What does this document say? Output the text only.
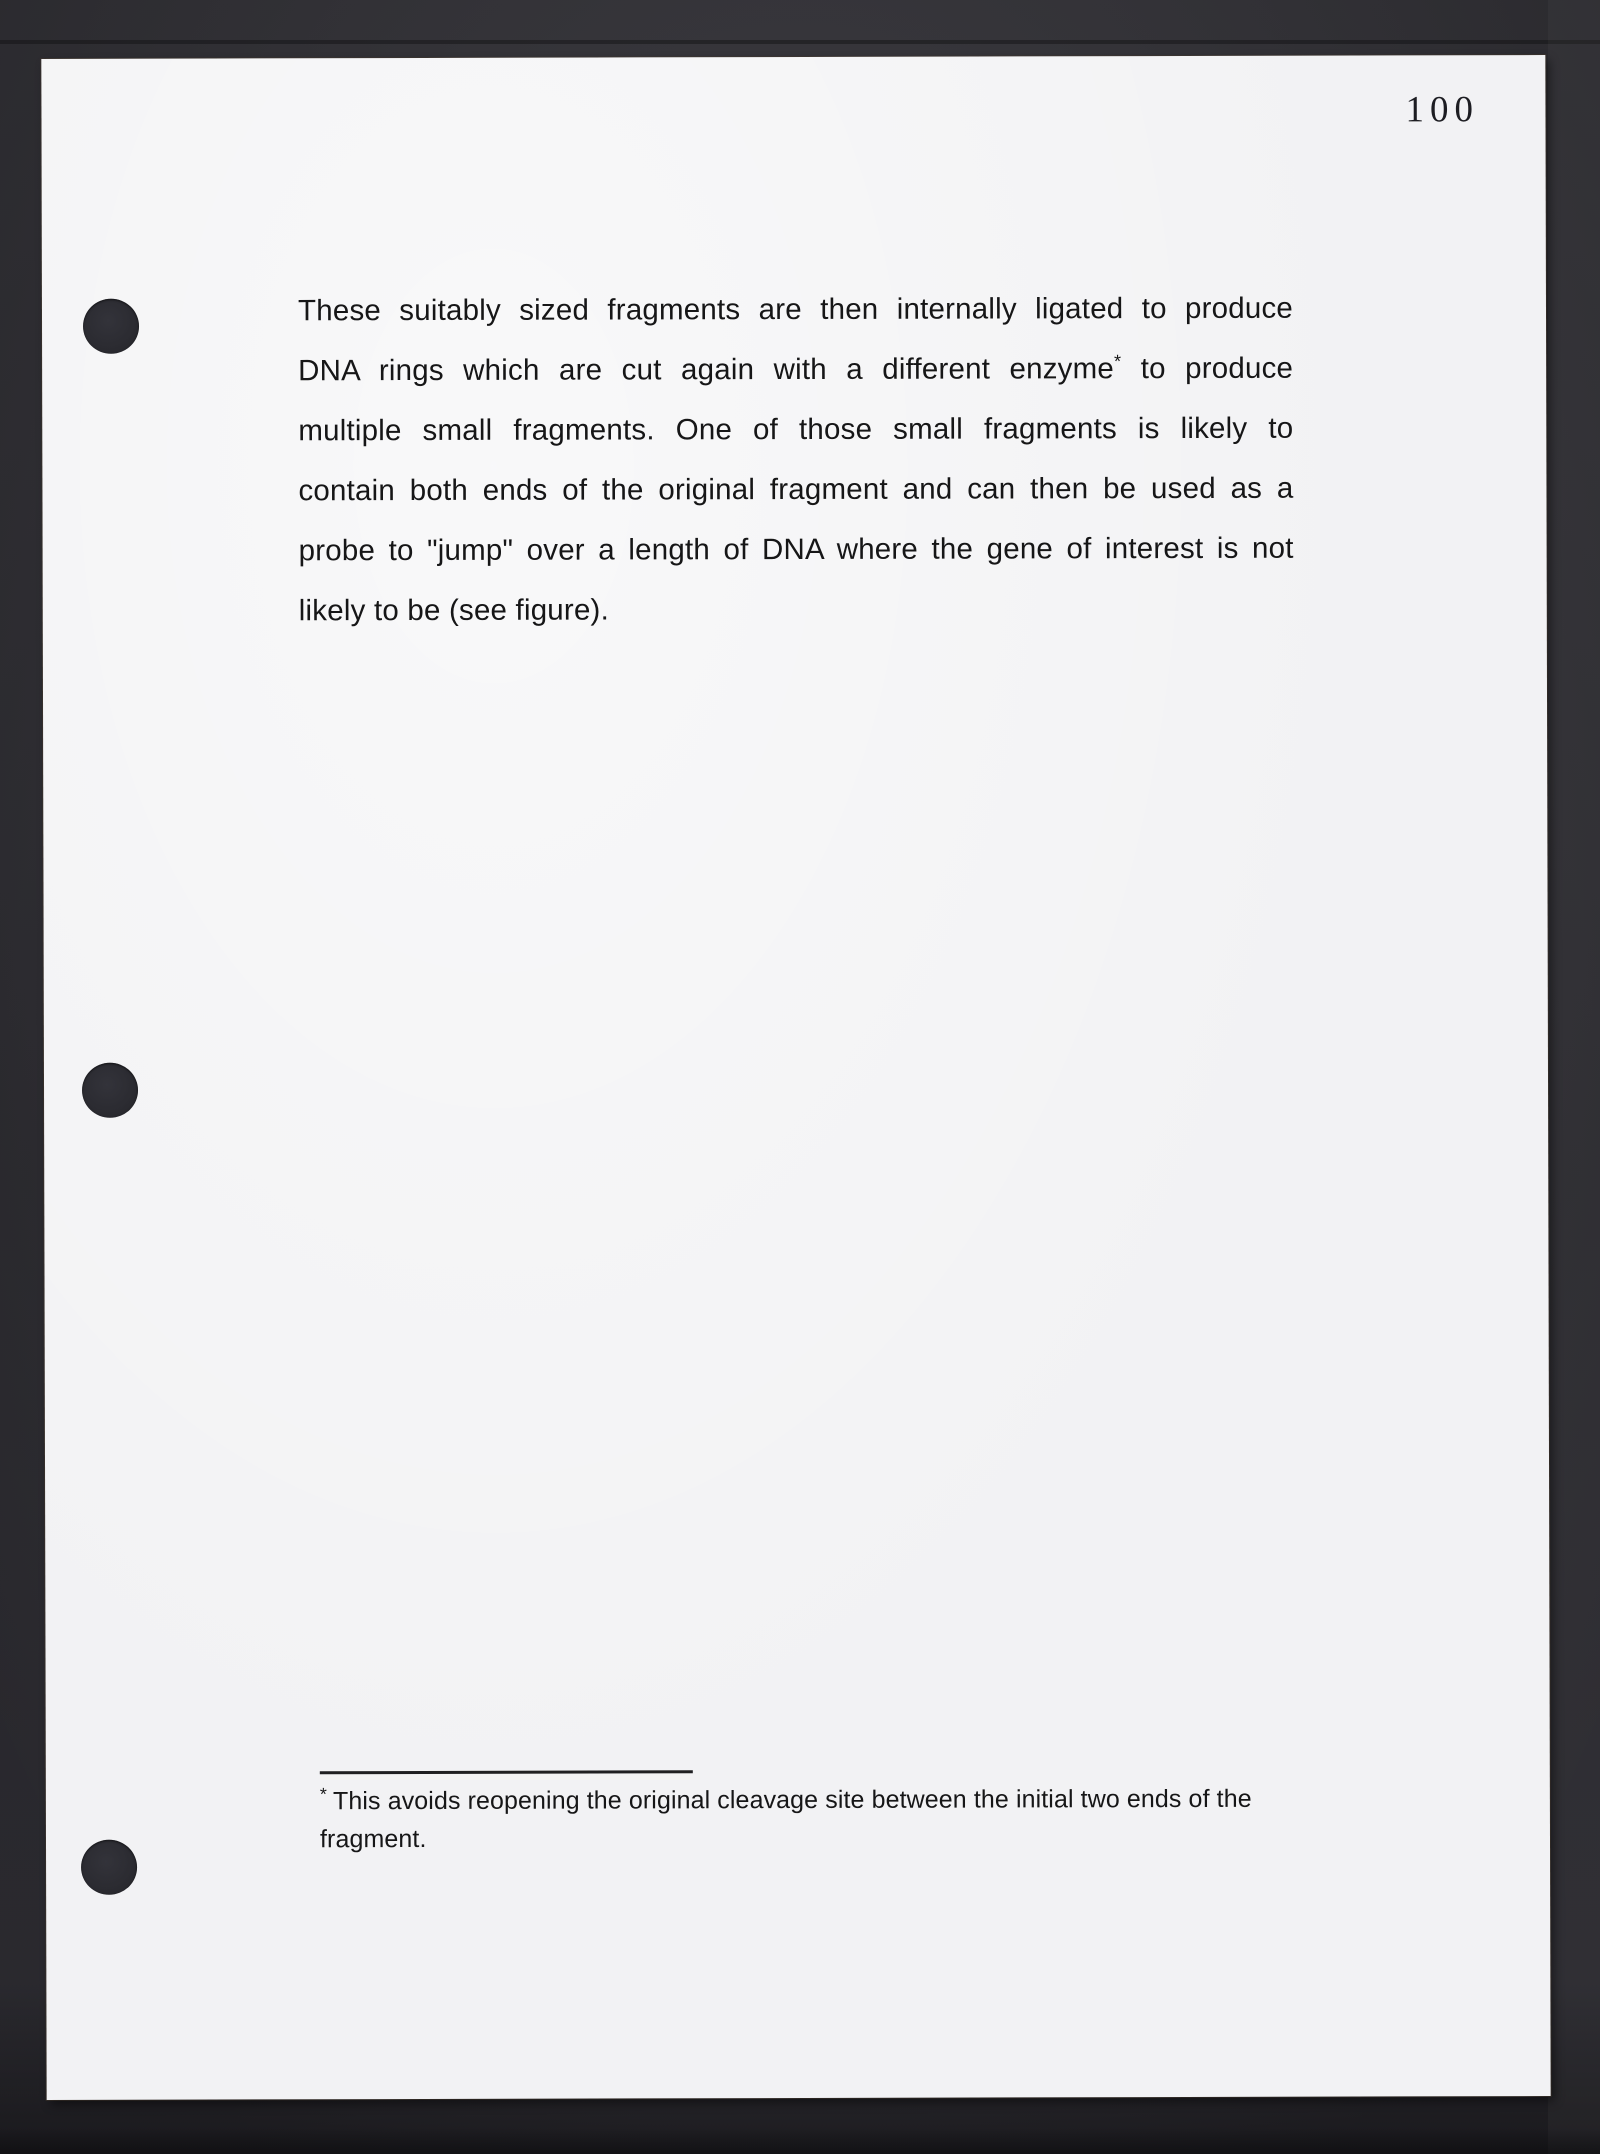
100
These suitably sized fragments are then internally ligated to produce
DNA rings which are cut again with a different enzyme* to produce
multiple small fragments. One of those small fragments is likely to
contain both ends of the original fragment and can then be used as a
probe to "jump" over a length of DNA where the gene of interest is not
likely to be (see figure).
* This avoids reopening the original cleavage site between the initial two ends of the
fragment.
